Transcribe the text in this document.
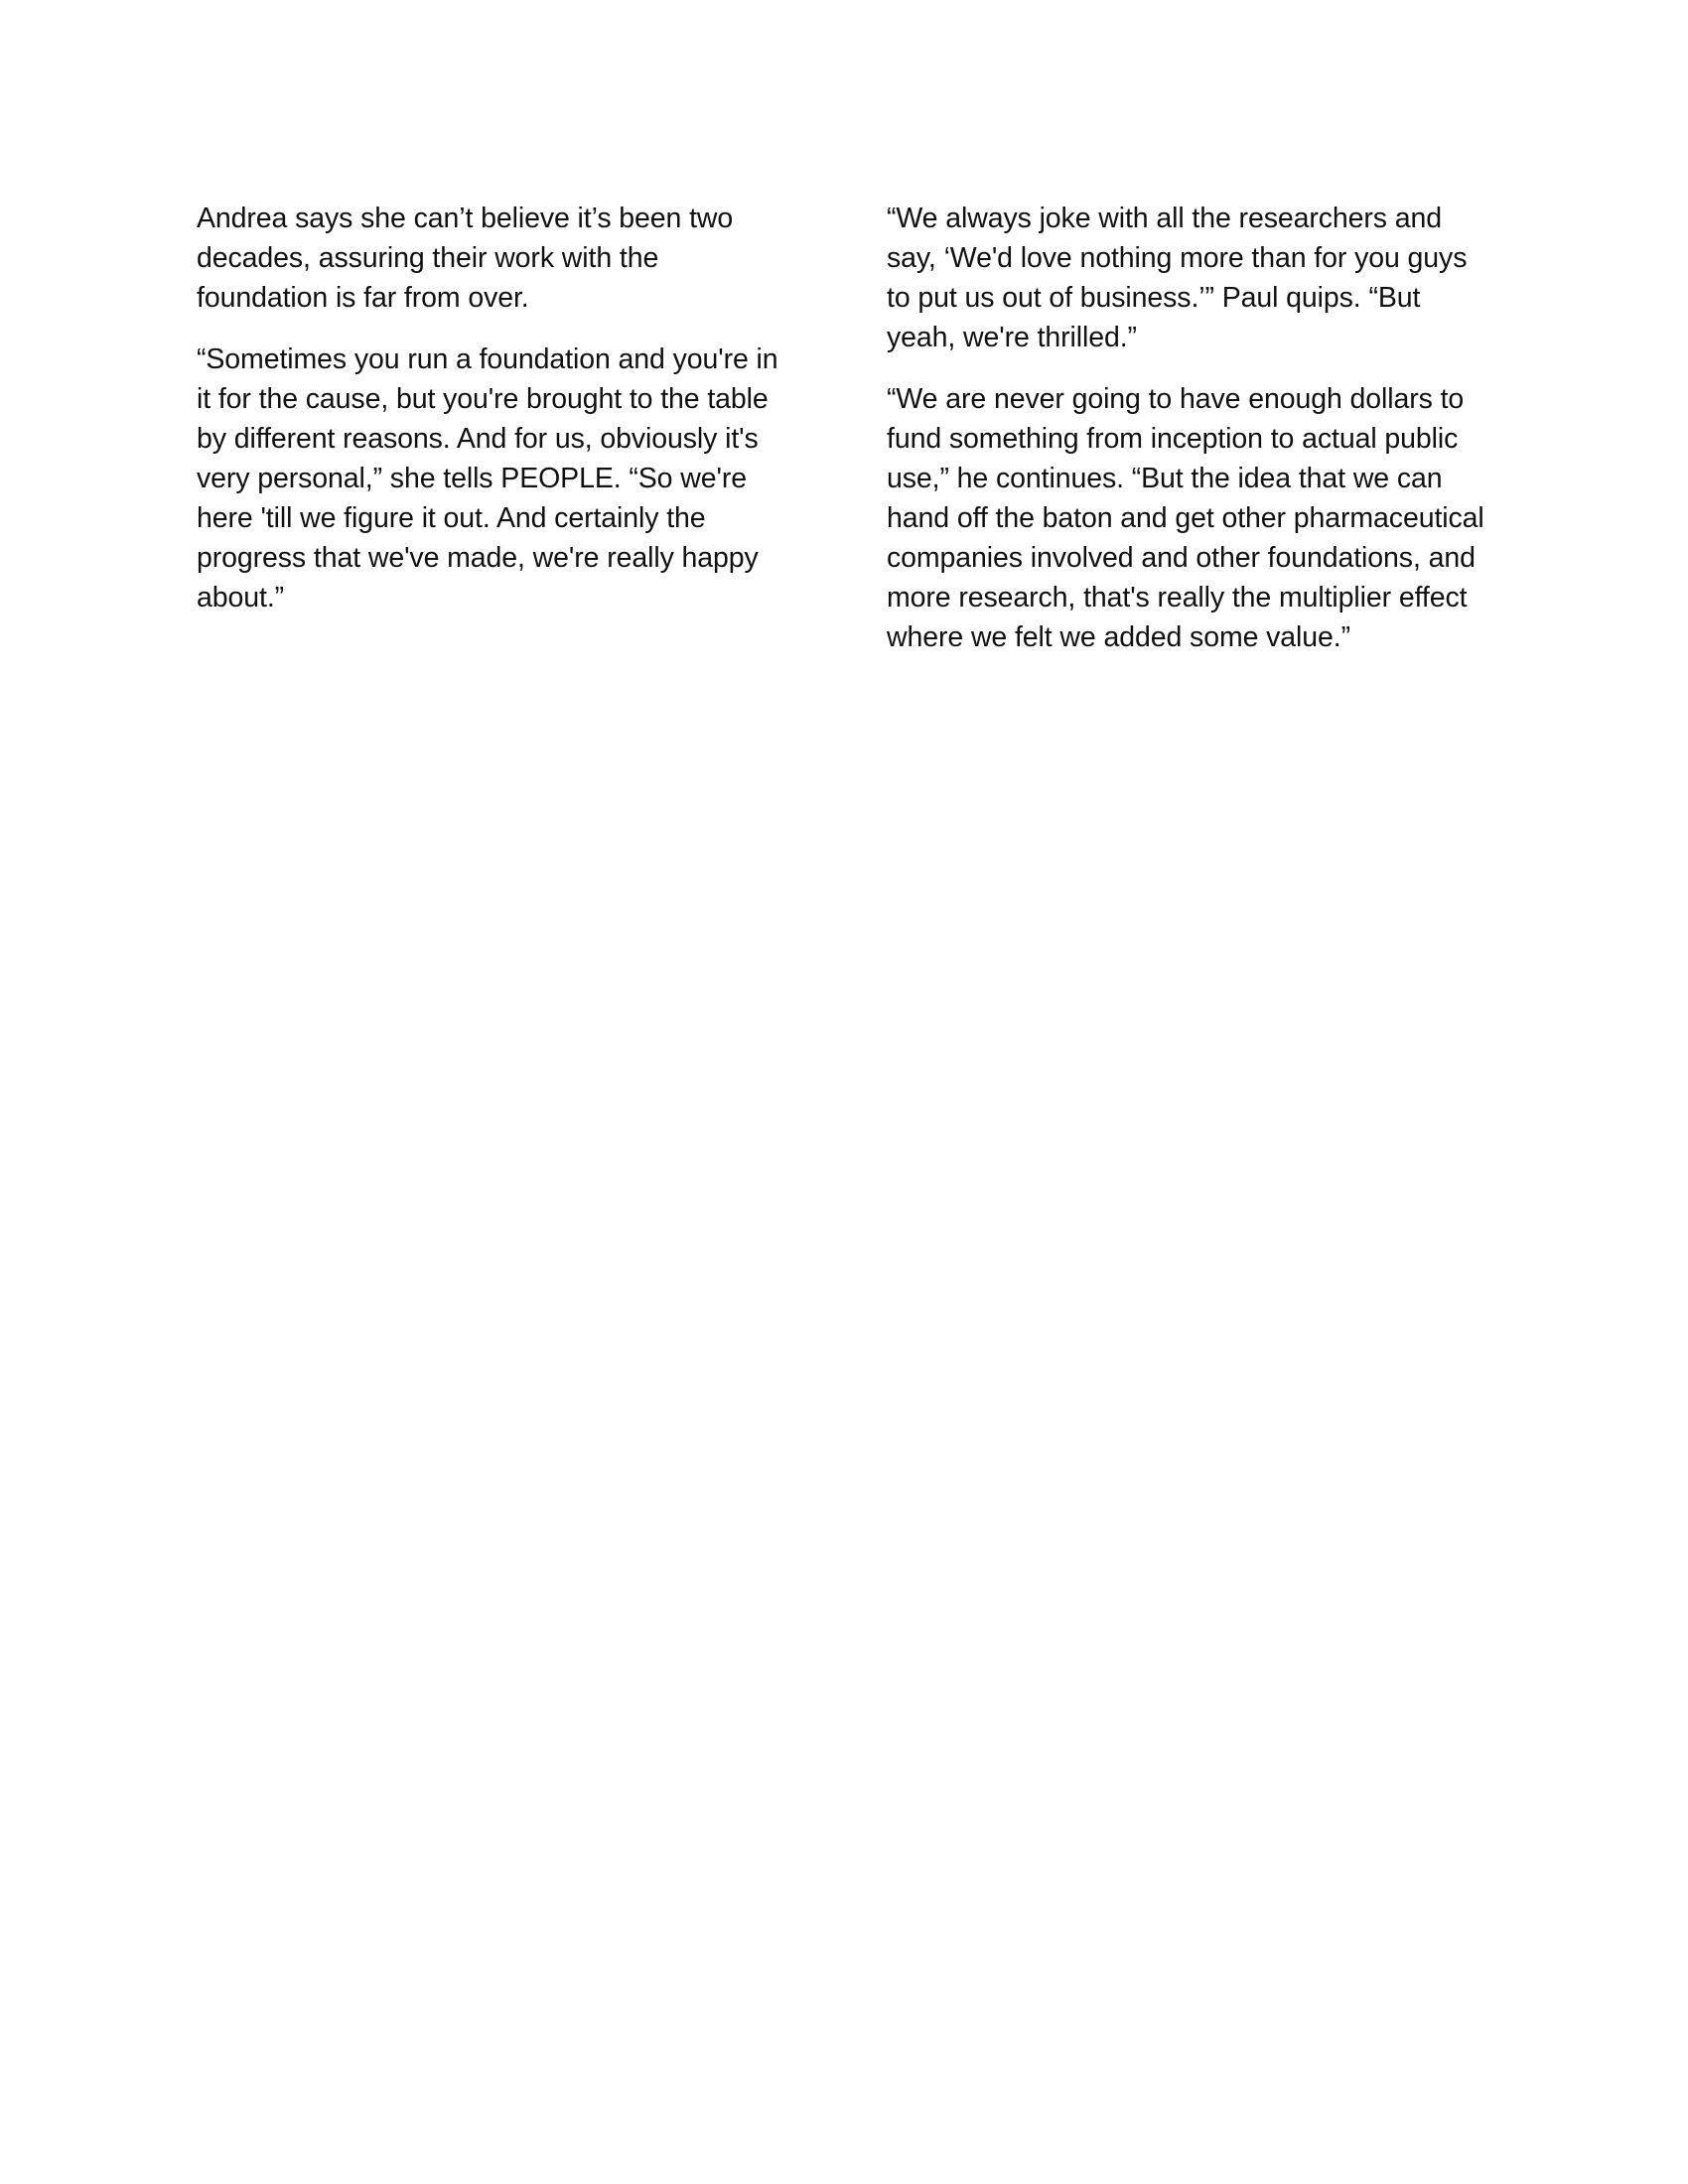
Andrea says she can’t believe it’s been two decades, assuring their work with the foundation is far from over.

“Sometimes you run a foundation and you're in it for the cause, but you're brought to the table by different reasons. And for us, obviously it's very personal,” she tells PEOPLE. “So we're here 'till we figure it out. And certainly the progress that we've made, we're really happy about.”

“We always joke with all the researchers and say, ‘We'd love nothing more than for you guys to put us out of business.’” Paul quips. “But yeah, we're thrilled.”

“We are never going to have enough dollars to fund something from inception to actual public use,” he continues. “But the idea that we can hand off the baton and get other pharmaceutical companies involved and other foundations, and more research, that's really the multiplier effect where we felt we added some value.”
